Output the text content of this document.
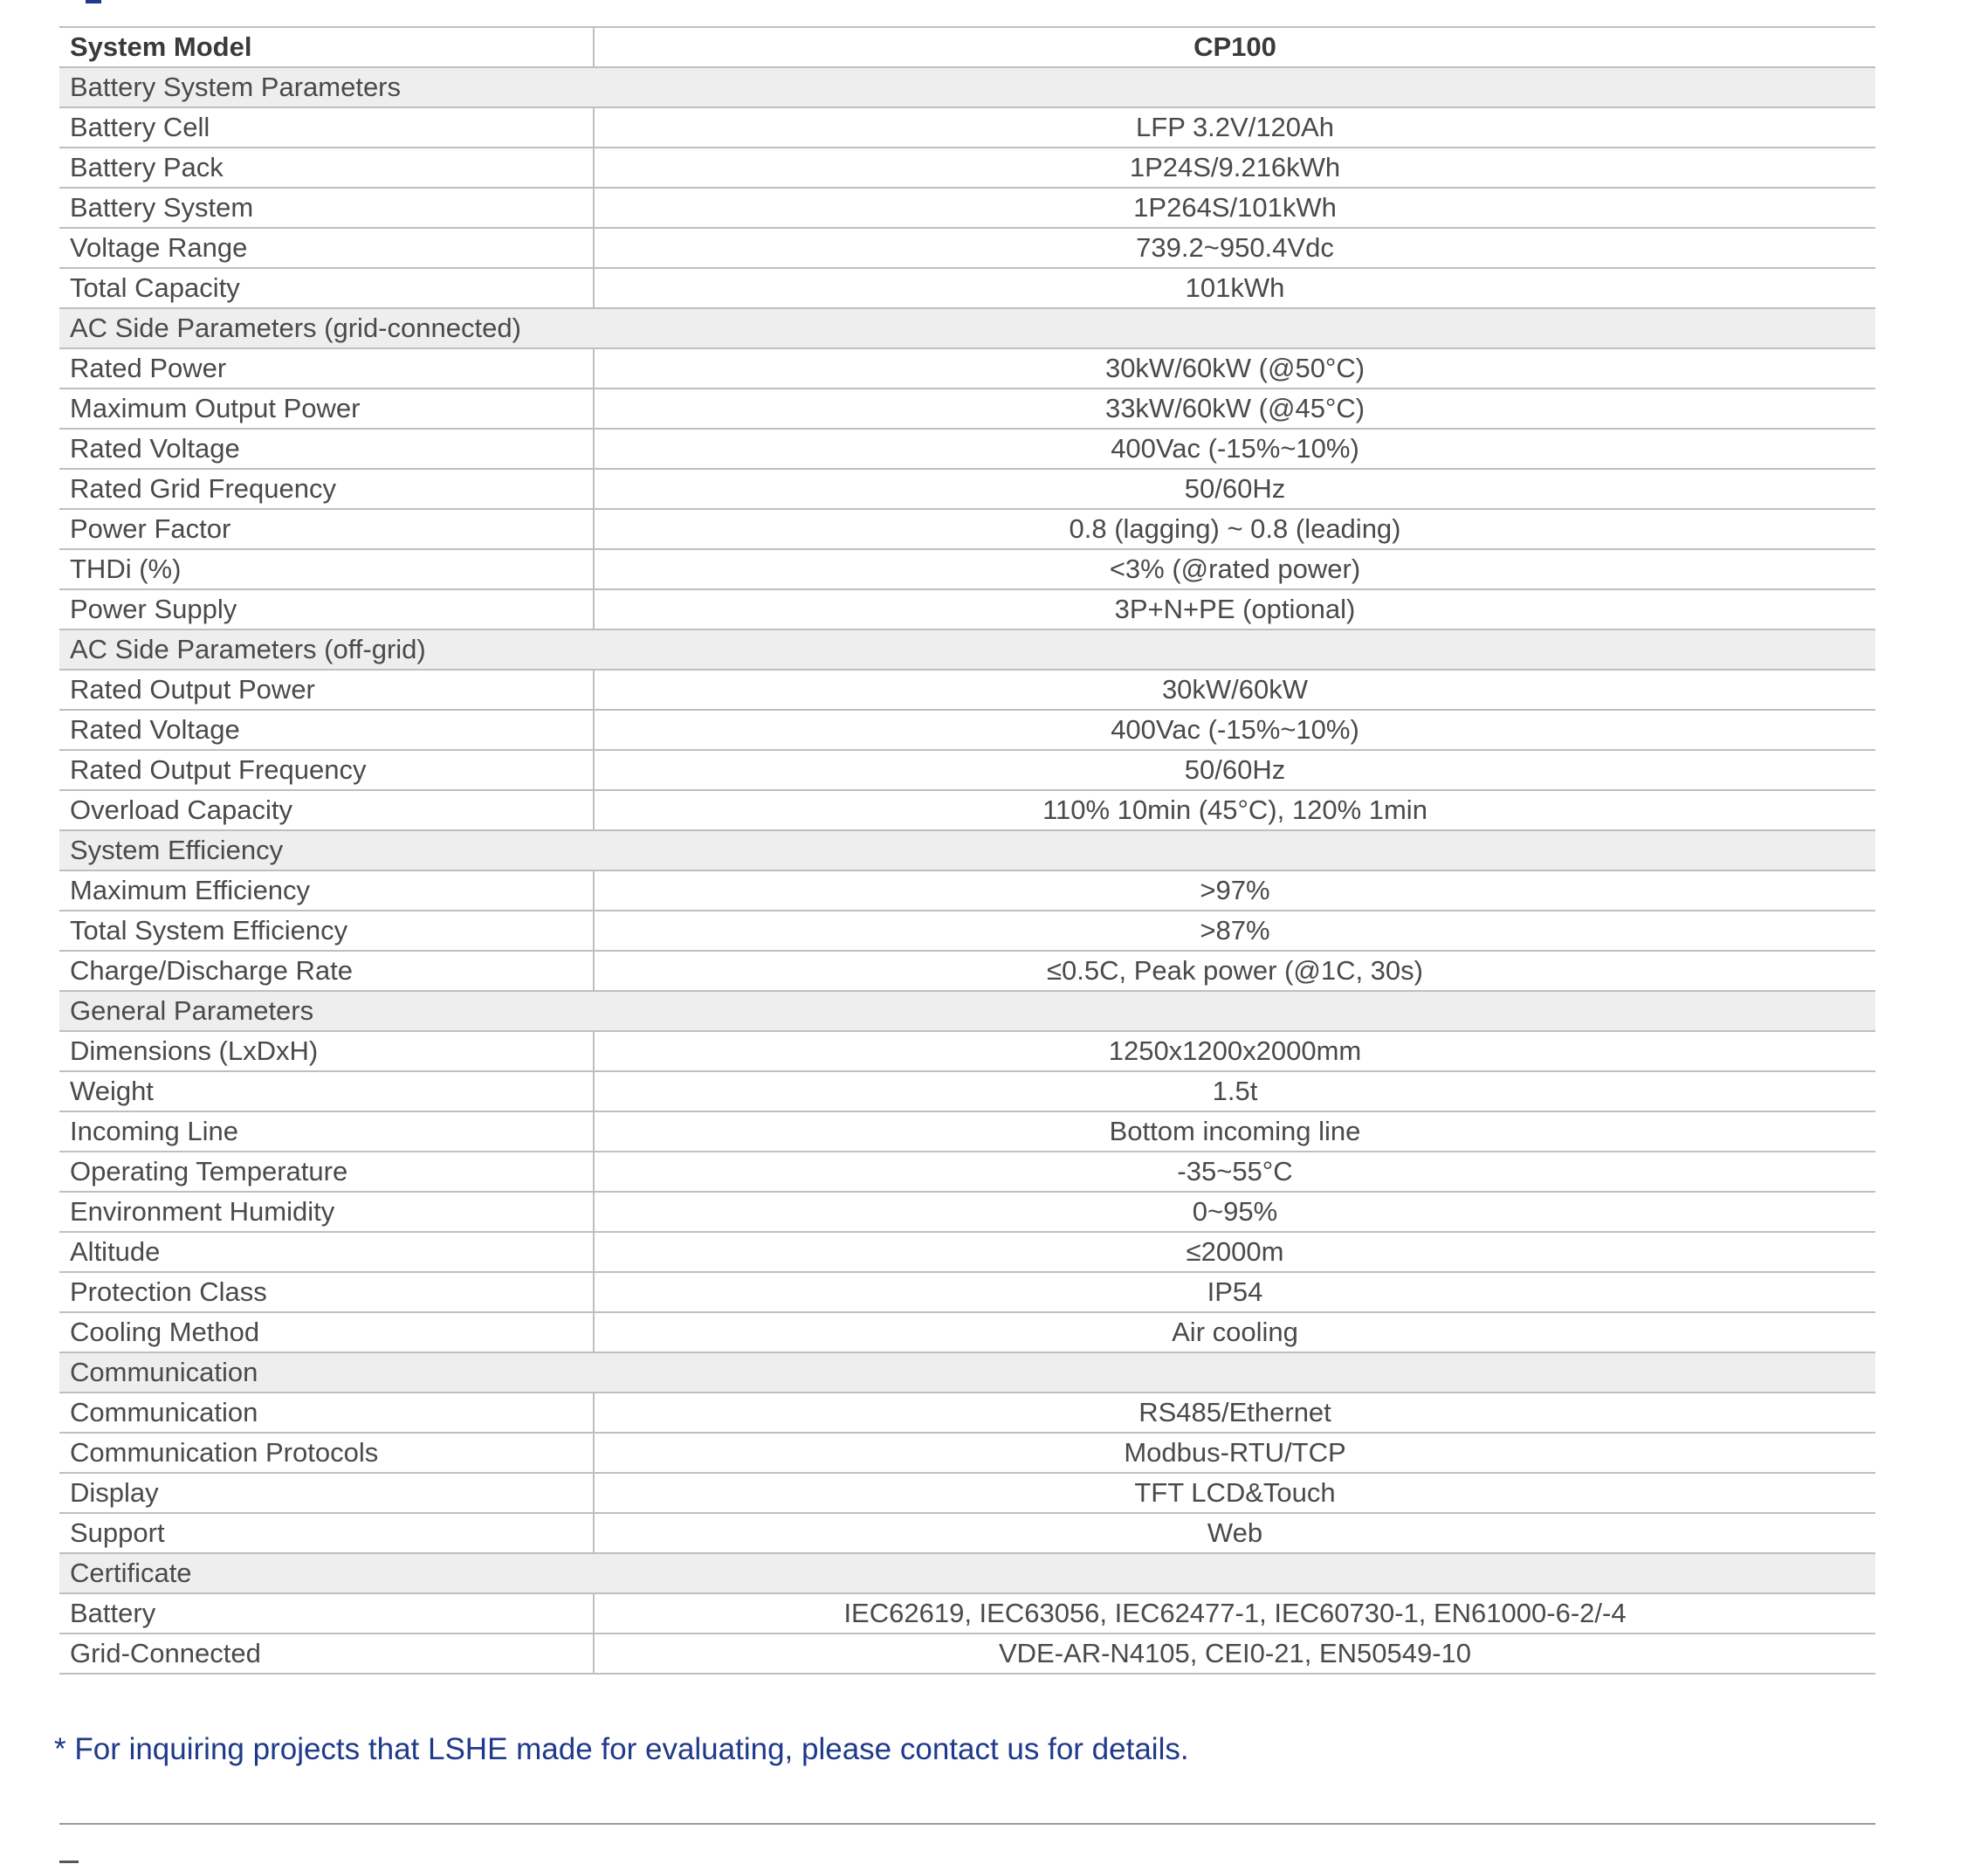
System Model	CP100
Battery System Parameters	
Battery Cell	LFP 3.2V/120Ah
Battery Pack	1P24S/9.216kWh
Battery System	1P264S/101kWh
Voltage Range	739.2~950.4Vdc
Total Capacity	101kWh
AC Side Parameters (grid-connected)	
Rated Power	30kW/60kW (@50°C)
Maximum Output Power	33kW/60kW (@45°C)
Rated Voltage	400Vac (-15%~10%)
Rated Grid Frequency	50/60Hz
Power Factor	0.8 (lagging) ~ 0.8 (leading)
THDi (%)	<3% (@rated power)
Power Supply	3P+N+PE (optional)
AC Side Parameters (off-grid)	
Rated Output Power	30kW/60kW
Rated Voltage	400Vac (-15%~10%)
Rated Output Frequency	50/60Hz
Overload Capacity	110% 10min (45°C), 120% 1min
System Efficiency	
Maximum Efficiency	>97%
Total System Efficiency	>87%
Charge/Discharge Rate	≤0.5C, Peak power (@1C, 30s)
General Parameters	
Dimensions (LxDxH)	1250x1200x2000mm
Weight	1.5t
Incoming Line	Bottom incoming line
Operating Temperature	-35~55°C
Environment Humidity	0~95%
Altitude	≤2000m
Protection Class	IP54
Cooling Method	Air cooling
Communication	
Communication	RS485/Ethernet
Communication Protocols	Modbus-RTU/TCP
Display	TFT LCD&Touch
Support	Web
Certificate	
Battery	IEC62619, IEC63056, IEC62477-1, IEC60730-1, EN61000-6-2/-4
Grid-Connected	VDE-AR-N4105, CEI0-21, EN50549-10
* For inquiring projects that LSHE made for evaluating, please contact us for details.
